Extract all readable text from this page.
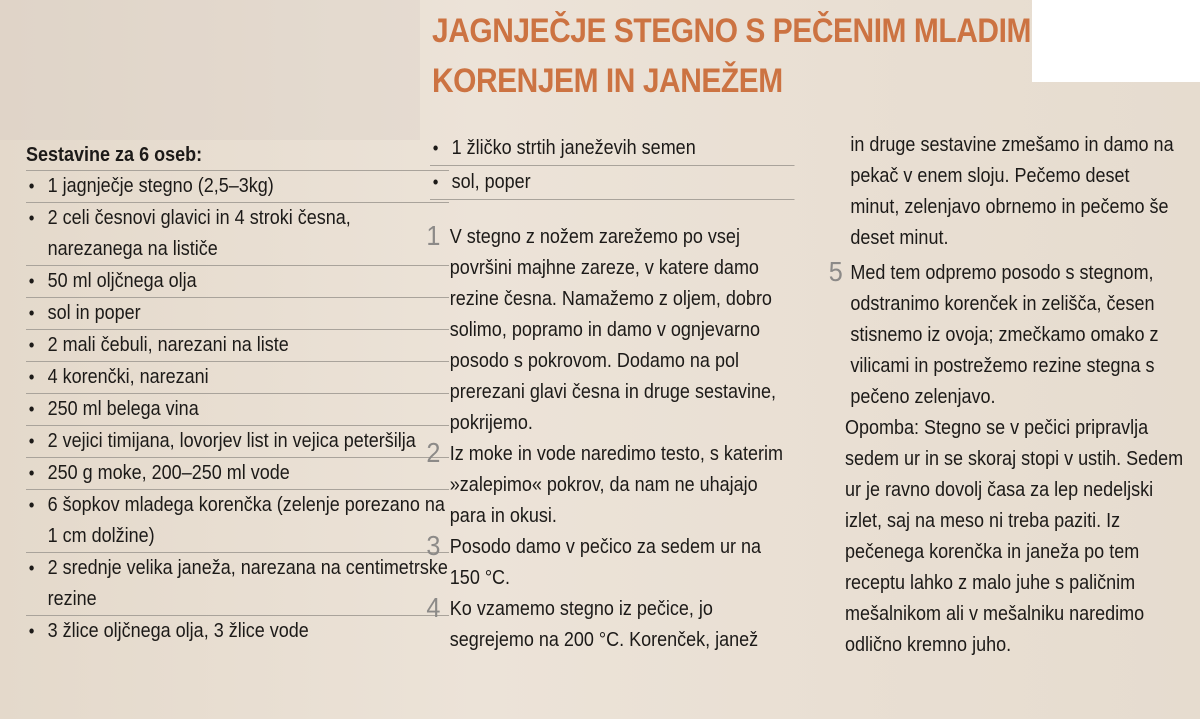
JAGNJEČJE STEGNO S PEČENIM MLADIM
KORENJEM IN JANEŽEM
Sestavine za 6 oseb:
• 1 jagnječje stegno (2,5–3kg)
• 2 celi česnovi glavici in 4 stroki česna, narezanega na lističe
• 50 ml oljčnega olja
• sol in poper
• 2 mali čebuli, narezani na liste
• 4 korenčki, narezani
• 250 ml belega vina
• 2 vejici timijana, lovorjev list in vejica peteršilja
• 250 g moke, 200–250 ml vode
• 6 šopkov mladega korenčka (zelenje porezano na 1 cm dolžine)
• 2 srednje velika janeža, narezana na centimetrske rezine
• 3 žlice oljčnega olja, 3 žlice vode
• 1 žličko strtih janeževih semen
• sol, poper
1 V stegno z nožem zarežemo po vsej površini majhne zareze, v katere damo rezine česna. Namažemo z oljem, dobro solimo, popramo in damo v ognjevarno posodo s pokrovom. Dodamo na pol prerezani glavi česna in druge sestavine, pokrijemo.
2 Iz moke in vode naredimo testo, s katerim »zalepimo« pokrov, da nam ne uhajajo para in okusi.
3 Posodo damo v pečico za sedem ur na 150 °C.
4 Ko vzamemo stegno iz pečice, jo segrejemo na 200 °C. Korenček, janež
in druge sestavine zmešamo in damo na pekač v enem sloju. Pečemo deset minut, zelenjavo obrnemo in pečemo še deset minut.
5 Med tem odpremo posodo s stegnom, odstranimo korenček in zelišča, česen stisnemo iz ovoja; zmečkamo omako z vilicami in postrežemo rezine stegna s pečeno zelenjavo.
Opomba: Stegno se v pečici pripravlja sedem ur in se skoraj stopi v ustih. Sedem ur je ravno dovolj časa za lep nedeljski izlet, saj na meso ni treba paziti. Iz pečenega korenčka in janeža po tem receptu lahko z malo juhe s paličnim mešalnikom ali v mešalniku naredimo odlično kremno juho.
